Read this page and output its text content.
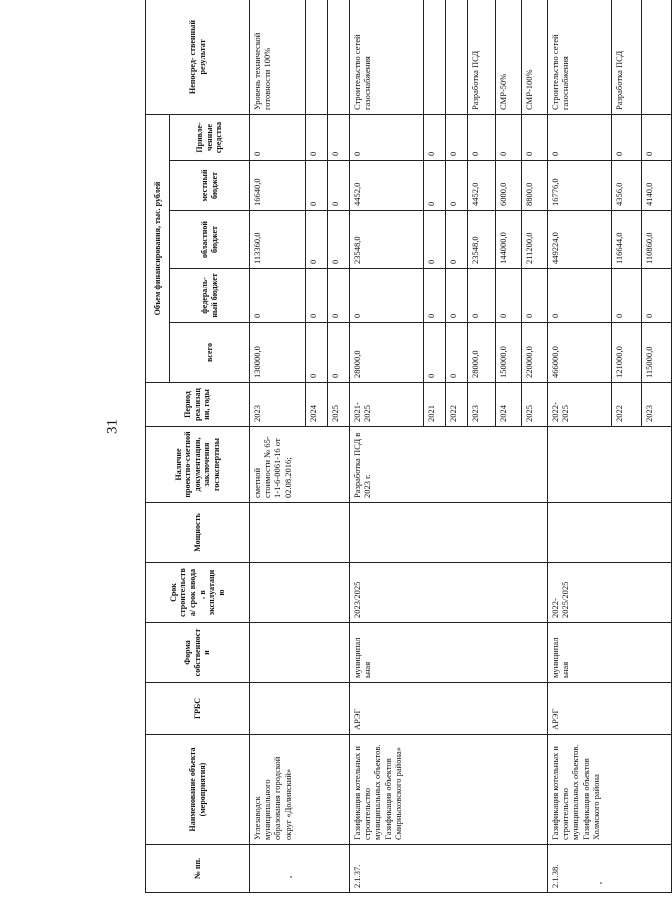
31
№ пп.	Наименование объекта (мероприятия)	ГРБС	Форма собственности	Срок строительства/ срок ввода в эксплуатацию	Мощность	Наличие проектно-сметной документации, заключения госэкспертизы	Период реализации, годы	Объем финансирования, тыс. рублей					Непосред- ственный результат
								всего	федераль- ный бюджет	областной бюджет	местный бюджет	Привле- ченные средства	
	Углезаводск муниципального образования городской округ «Долинский»					сметной стоимости № 65-1-1-6-0061-16 от 02.08.2016;	2023	130000,0	0	113360,0	16640,0	0	Уровень технической готовности 100%
							2024	0	0	0	0	0	
							2025	0	0	0	0	0	
2.1.37.	Газификация котельных и строительство муниципальных объектов. Газификация объектов Смирныховского района»	АРЭГ	муниципал ьная	2023/2025		Разработка ПСД в 2023 г.	2021-2025	28000,0	0	23548,0	4452,0	0	Строительство сетей газоснабжения
							2021	0	0	0	0	0	
							2022	0	0	0	0	0	
							2023	28000,0	0	23548,0	4452,0	0	Разработка ПСД
							2024	150000,0	0	144000,0	6000,0	0	СМР-50%
							2025	220000,0	0	211200,0	8800,0	0	СМР-100%
2.1.38.	Газификация котельных и строительство муниципальных объектов. Газификация объектов Холмского района	АРЭГ	муниципал ьная	2022-2025/2025			2022-2025	466000,0	0	449224,0	16776,0	0	Строительство сетей газоснабжения
							2022	121000,0	0	116644,0	4356,0	0	Разработка ПСД
							2023	115000,0	0	110860,0	4140,0	0	
